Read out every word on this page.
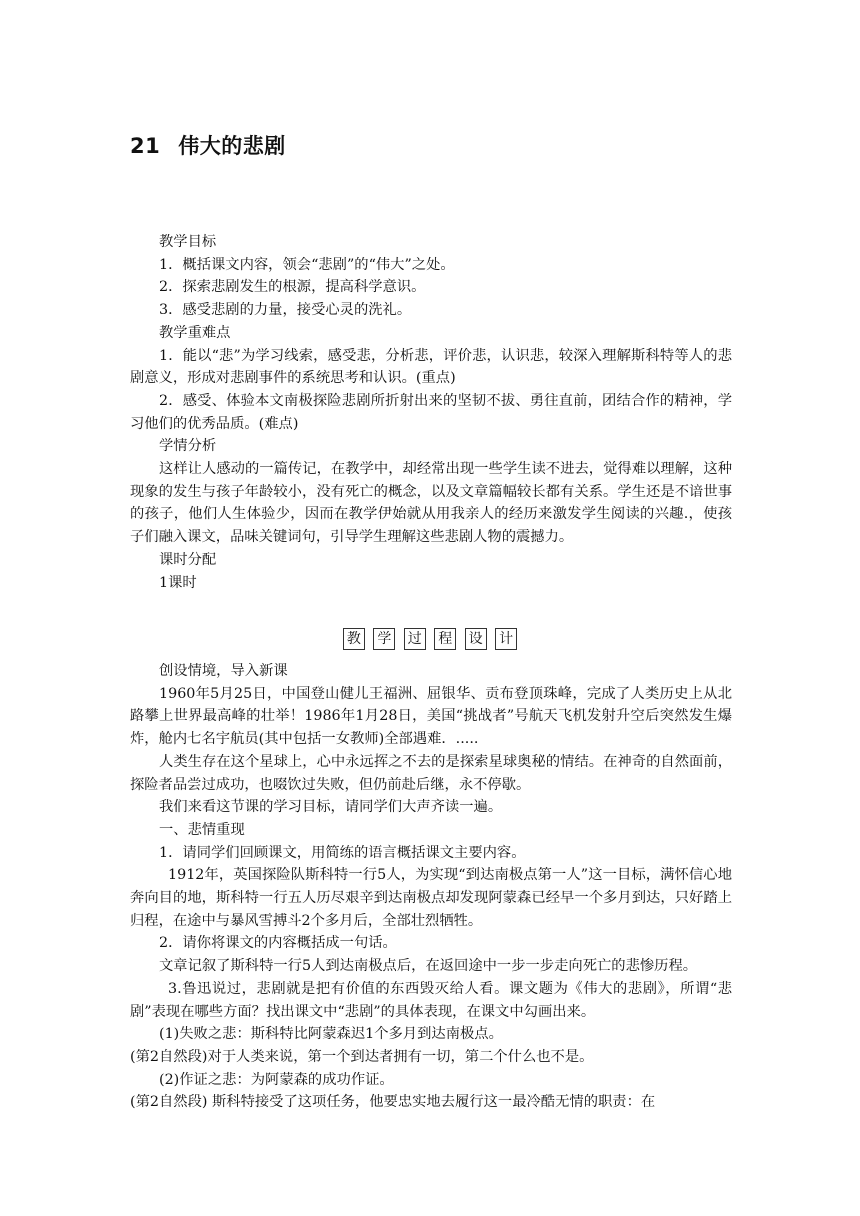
21 伟大的悲剧

教学目标

1．概括课文内容，领会“悲剧”的“伟大”之处。

2．探索悲剧发生的根源，提高科学意识。

3．感受悲剧的力量，接受心灵的洗礼。

教学重难点

1．能以“悲”为学习线索，感受悲，分析悲，评价悲，认识悲，较深入理解斯科特等人的悲剧意义，形成对悲剧事件的系统思考和认识。(重点)

2．感受、体验本文南极探险悲剧所折射出来的坚韧不拔、勇往直前，团结合作的精神，学习他们的优秀品质。(难点)

学情分析

这样让人感动的一篇传记，在教学中，却经常出现一些学生读不进去，觉得难以理解，这种现象的发生与孩子年龄较小，没有死亡的概念，以及文章篇幅较长都有关系。学生还是不谙世事的孩子，他们人生体验少，因而在教学伊始就从用我亲人的经历来激发学生阅读的兴趣.，使孩子们融入课文，品味关键词句，引导学生理解这些悲剧人物的震撼力。

课时分配

1课时

教 学 过 程 设 计

创设情境，导入新课

1960年5月25日，中国登山健儿王福洲、屈银华、贡布登顶珠峰，完成了人类历史上从北路攀上世界最高峰的壮举！1986年1月28日，美国“挑战者”号航天飞机发射升空后突然发生爆炸，舱内七名宇航员(其中包括一女教师)全部遇难．.....

人类生存在这个星球上，心中永远挥之不去的是探索星球奥秘的情结。在神奇的自然面前，探险者品尝过成功，也啜饮过失败，但仍前赴后继，永不停歇。

我们来看这节课的学习目标，请同学们大声齐读一遍。

一、悲情重现

1．请同学们回顾课文，用简练的语言概括课文主要内容。

1912年，英国探险队斯科特一行5人，为实现“到达南极点第一人”这一目标，满怀信心地奔向目的地，斯科特一行五人历尽艰辛到达南极点却发现阿蒙森已经早一个多月到达，只好踏上归程，在途中与暴风雪搏斗2个多月后，全部壮烈牺牲。

2．请你将课文的内容概括成一句话。

文章记叙了斯科特一行5人到达南极点后，在返回途中一步一步走向死亡的悲惨历程。

3.鲁迅说过，悲剧就是把有价值的东西毁灭给人看。课文题为《伟大的悲剧》，所谓“悲剧”表现在哪些方面？找出课文中“悲剧”的具体表现，在课文中勾画出来。

(1)失败之悲：斯科特比阿蒙森迟1个多月到达南极点。

(第2自然段)对于人类来说，第一个到达者拥有一切，第二个什么也不是。

(2)作证之悲：为阿蒙森的成功作证。

(第2自然段) 斯科特接受了这项任务，他要忠实地去履行这一最冷酷无情的职责：在
